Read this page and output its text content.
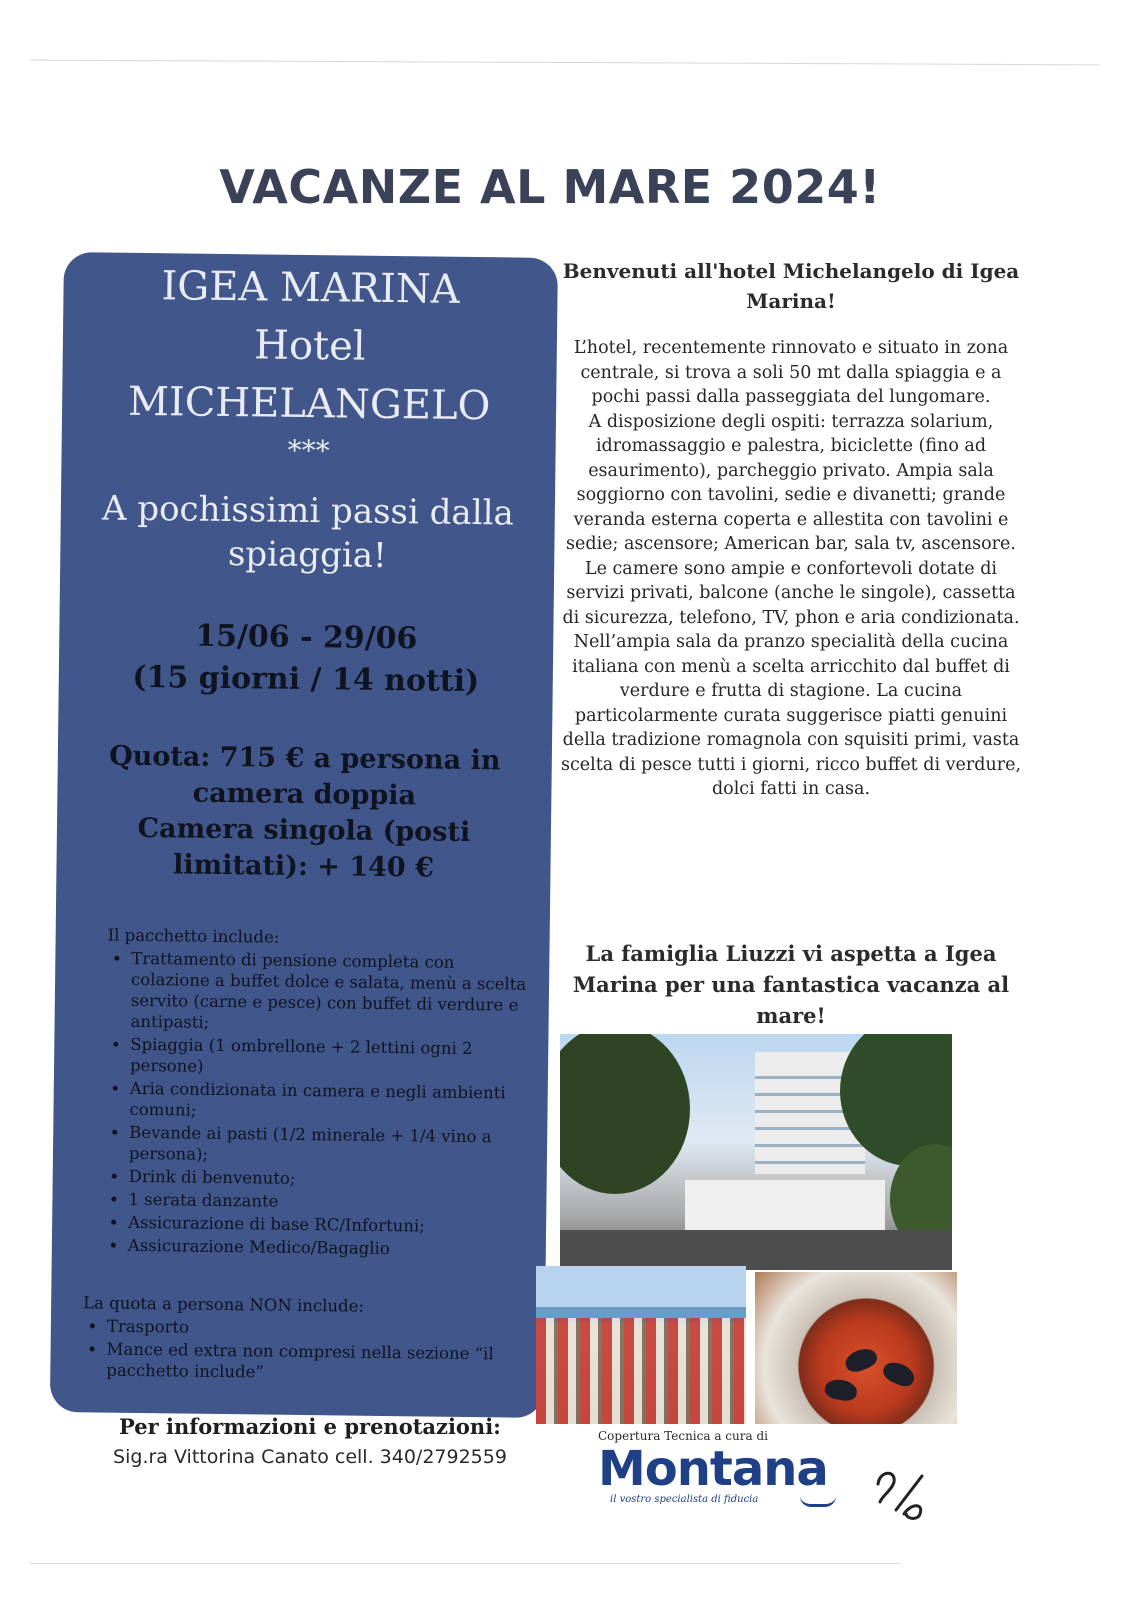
VACANZE AL MARE 2024!
IGEA MARINA
Hotel
MICHELANGELO
***
A pochissimi passi dalla spiaggia!
15/06 - 29/06
(15 giorni / 14 notti)
Quota: 715 € a persona in camera doppia
Camera singola (posti limitati): + 140 €
Il pacchetto include:
• Trattamento di pensione completa con colazione a buffet dolce e salata, menù a scelta servito (carne e pesce) con buffet di verdure e antipasti;
• Spiaggia (1 ombrellone + 2 lettini ogni 2 persone)
• Aria condizionata in camera e negli ambienti comuni;
• Bevande ai pasti (1/2 minerale + 1/4 vino a persona);
• Drink di benvenuto;
• 1 serata danzante
• Assicurazione di base RC/Infortuni;
• Assicurazione Medico/Bagaglio
La quota a persona NON include:
• Trasporto
• Mance ed extra non compresi nella sezione “il pacchetto include”
Per informazioni e prenotazioni:
Sig.ra Vittorina Canato cell. 340/2792559
Benvenuti all'hotel Michelangelo di Igea Marina!

L’hotel, recentemente rinnovato e situato in zona centrale, si trova a soli 50 mt dalla spiaggia e a pochi passi dalla passeggiata del lungomare.

A disposizione degli ospiti: terrazza solarium, idromassaggio e palestra, biciclette (fino ad esaurimento), parcheggio privato. Ampia sala soggiorno con tavolini, sedie e divanetti; grande veranda esterna coperta e allestita con tavolini e sedie; ascensore; American bar, sala tv, ascensore.

Le camere sono ampie e confortevoli dotate di servizi privati, balcone (anche le singole), cassetta di sicurezza, telefono, TV, phon e aria condizionata.

Nell’ampia sala da pranzo specialità della cucina italiana con menù a scelta arricchito dal buffet di verdure e frutta di stagione. La cucina particolarmente curata suggerisce piatti genuini della tradizione romagnola con squisiti primi, vasta scelta di pesce tutti i giorni, ricco buffet di verdure, dolci fatti in casa.

La famiglia Liuzzi vi aspetta a Igea Marina per una fantastica vacanza al mare!
Copertura Tecnica a cura di
Montana
il vostro specialista di fiducia
